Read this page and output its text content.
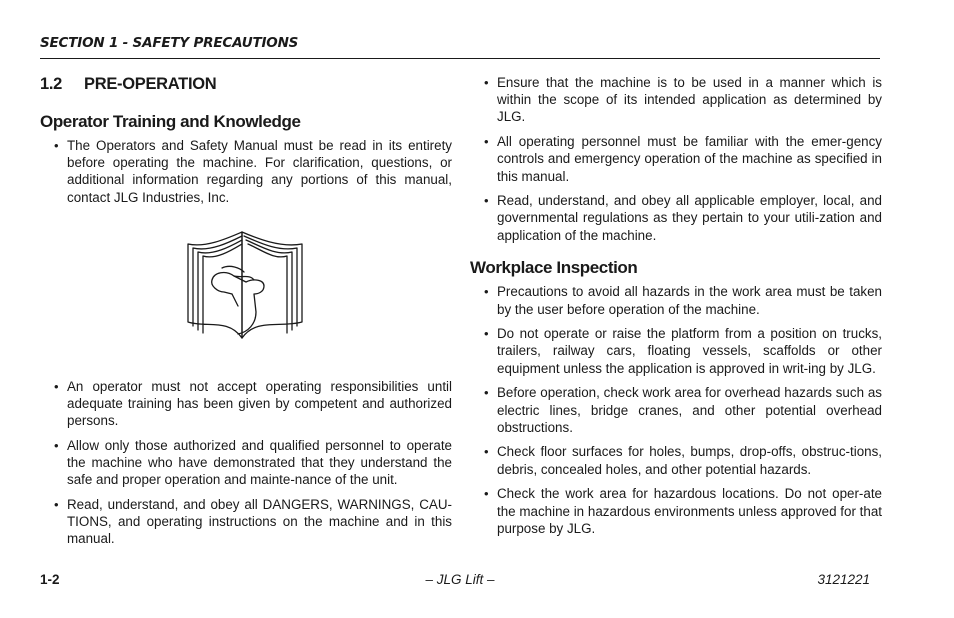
SECTION 1 - SAFETY PRECAUTIONS
1.2 PRE-OPERATION
Operator Training and Knowledge
• The Operators and Safety Manual must be read in its entirety before operating the machine. For clarification, questions, or additional information regarding any portions of this manual, contact JLG Industries, Inc.
• An operator must not accept operating responsibilities until adequate training has been given by competent and authorized persons.
• Allow only those authorized and qualified personnel to operate the machine who have demonstrated that they understand the safe and proper operation and mainte-nance of the unit.
• Read, understand, and obey all DANGERS, WARNINGS, CAU-TIONS, and operating instructions on the machine and in this manual.
• Ensure that the machine is to be used in a manner which is within the scope of its intended application as determined by JLG.
• All operating personnel must be familiar with the emer-gency controls and emergency operation of the machine as specified in this manual.
• Read, understand, and obey all applicable employer, local, and governmental regulations as they pertain to your utili-zation and application of the machine.
Workplace Inspection
• Precautions to avoid all hazards in the work area must be taken by the user before operation of the machine.
• Do not operate or raise the platform from a position on trucks, trailers, railway cars, floating vessels, scaffolds or other equipment unless the application is approved in writ-ing by JLG.
• Before operation, check work area for overhead hazards such as electric lines, bridge cranes, and other potential overhead obstructions.
• Check floor surfaces for holes, bumps, drop-offs, obstruc-tions, debris, concealed holes, and other potential hazards.
• Check the work area for hazardous locations. Do not oper-ate the machine in hazardous environments unless approved for that purpose by JLG.
1-2	– JLG Lift –	3121221
